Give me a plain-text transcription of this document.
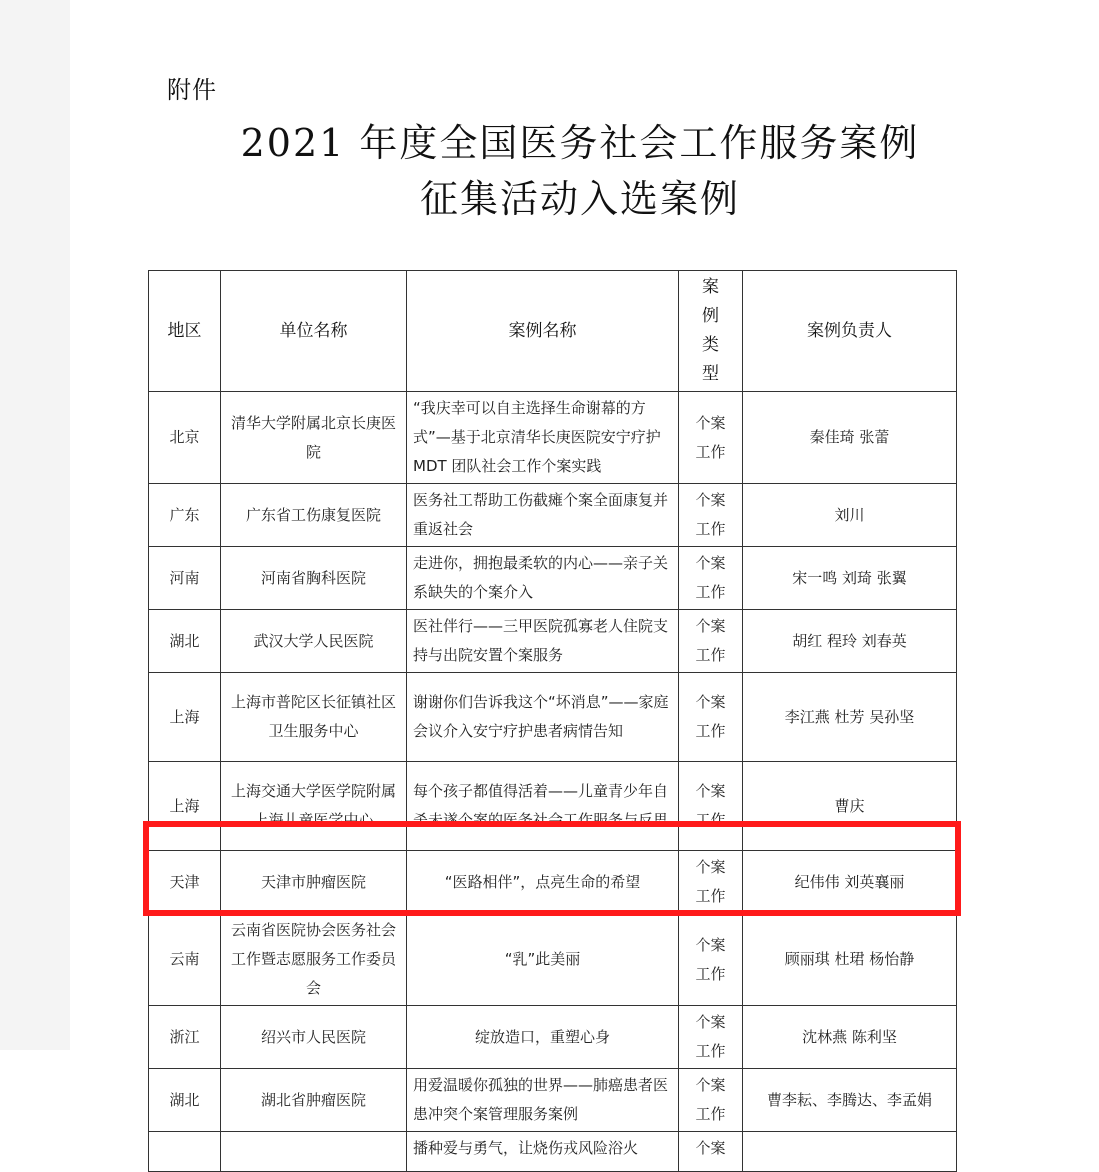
附件
2021 年度全国医务社会工作服务案例
征集活动入选案例
地区	单位名称	案例名称	案例类型	案例负责人
北京	清华大学附属北京长庚医院	“我庆幸可以自主选择生命谢幕的方式”—基于北京清华长庚医院安宁疗护 MDT 团队社会工作个案实践	个案工作	秦佳琦 张蕾
广东	广东省工伤康复医院	医务社工帮助工伤截瘫个案全面康复并重返社会	个案工作	刘川
河南	河南省胸科医院	走进你，拥抱最柔软的内心——亲子关系缺失的个案介入	个案工作	宋一鸣 刘琦 张翼
湖北	武汉大学人民医院	医社伴行——三甲医院孤寡老人住院支持与出院安置个案服务	个案工作	胡红 程玲 刘春英
上海	上海市普陀区长征镇社区卫生服务中心	谢谢你们告诉我这个“坏消息”——家庭会议介入安宁疗护患者病情告知	个案工作	李江燕 杜芳 吴孙坚
上海	上海交通大学医学院附属上海儿童医学中心	每个孩子都值得活着——儿童青少年自杀未遂个案的医务社会工作服务与反思	个案工作	曹庆
天津	天津市肿瘤医院	“医路相伴”，点亮生命的希望	个案工作	纪伟伟 刘英襄丽
云南	云南省医院协会医务社会工作暨志愿服务工作委员会	“乳”此美丽	个案工作	顾丽琪 杜珺 杨怡静
浙江	绍兴市人民医院	绽放造口，重塑心身	个案工作	沈林燕 陈利坚
湖北	湖北省肿瘤医院	用爱温暖你孤独的世界——肺癌患者医患冲突个案管理服务案例	个案工作	曹李耘、李腾达、李孟娟
		播种爱与勇气，让烧伤戎风险浴火	个案	
